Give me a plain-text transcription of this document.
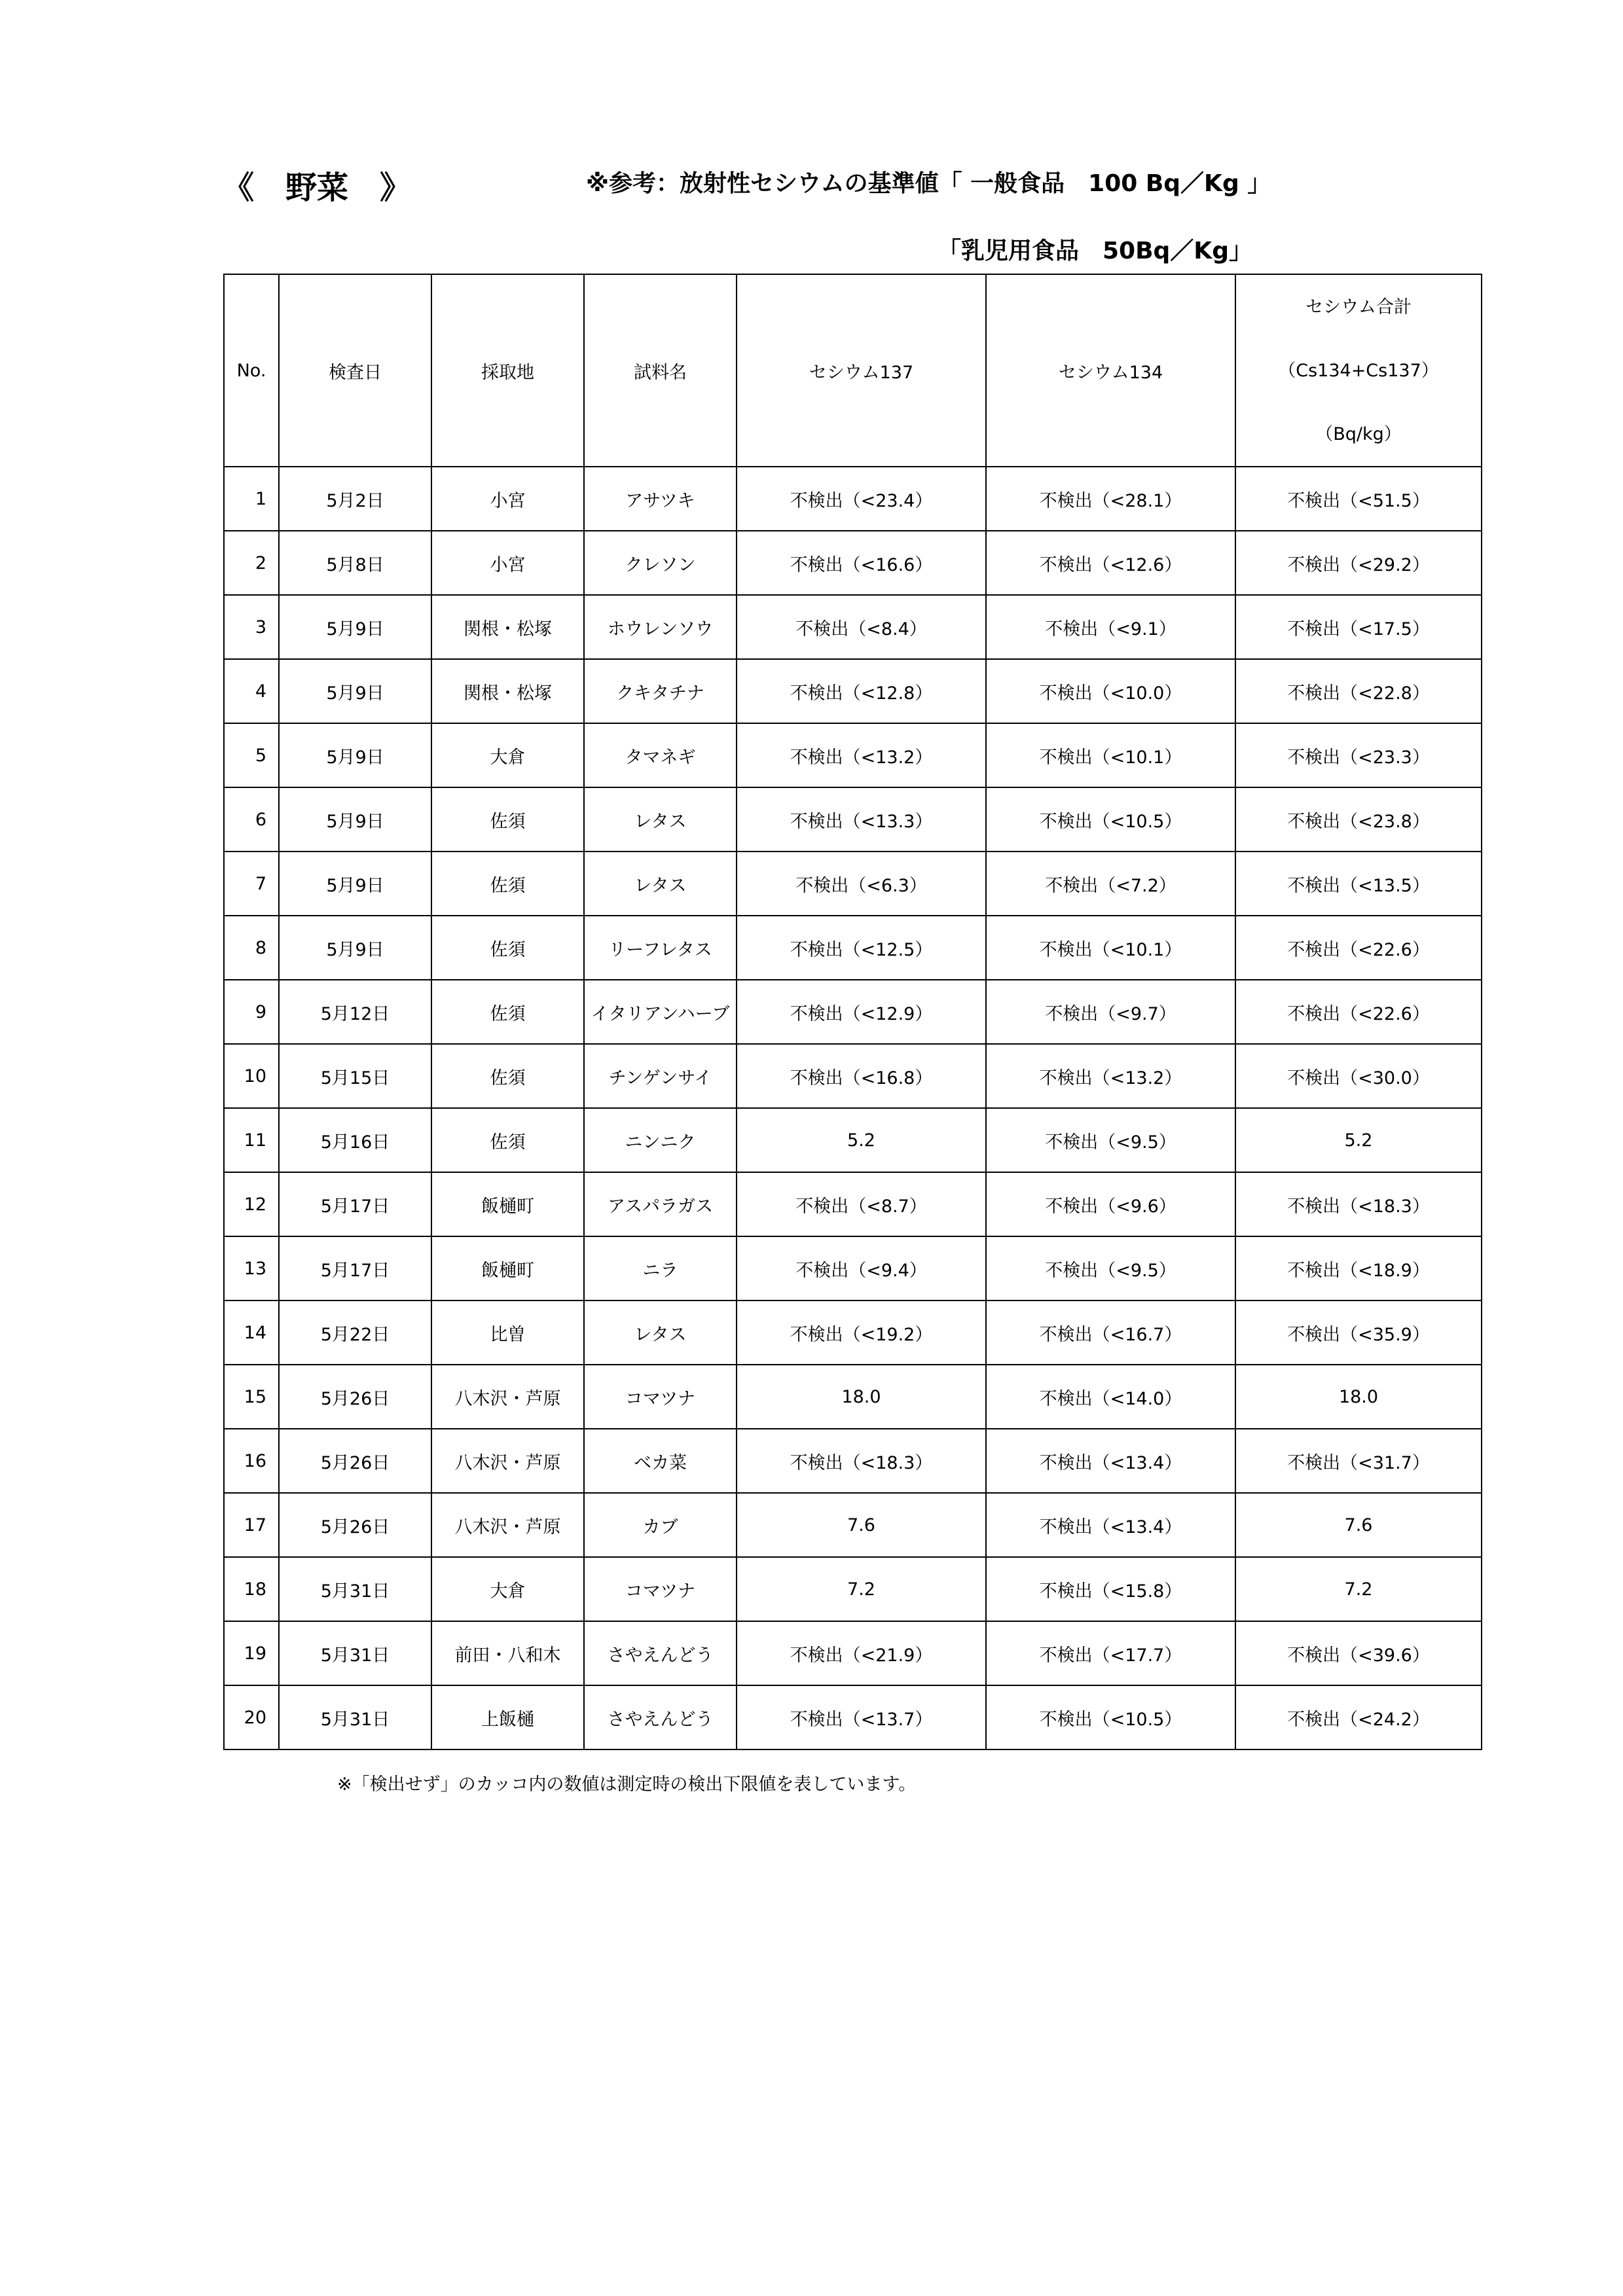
《　野菜　》	※参考：放射性セシウムの基準値「 一般食品　100 Bq／Kg 」
「乳児用食品　50Bq／Kg」
No.	検査日	採取地	試料名	セシウム137	セシウム134	セシウム合計
（Cs134+Cs137）
（Bq/kg）

1	5月2日	小宮	アサツキ	不検出（<23.4）	不検出（<28.1）	不検出（<51.5）
2	5月8日	小宮	クレソン	不検出（<16.6）	不検出（<12.6）	不検出（<29.2）
3	5月9日	関根・松塚	ホウレンソウ	不検出（<8.4）	不検出（<9.1）	不検出（<17.5）
4	5月9日	関根・松塚	クキタチナ	不検出（<12.8）	不検出（<10.0）	不検出（<22.8）
5	5月9日	大倉	タマネギ	不検出（<13.2）	不検出（<10.1）	不検出（<23.3）
6	5月9日	佐須	レタス	不検出（<13.3）	不検出（<10.5）	不検出（<23.8）
7	5月9日	佐須	レタス	不検出（<6.3）	不検出（<7.2）	不検出（<13.5）
8	5月9日	佐須	リーフレタス	不検出（<12.5）	不検出（<10.1）	不検出（<22.6）
9	5月12日	佐須	イタリアンハーブ	不検出（<12.9）	不検出（<9.7）	不検出（<22.6）
10	5月15日	佐須	チンゲンサイ	不検出（<16.8）	不検出（<13.2）	不検出（<30.0）
11	5月16日	佐須	ニンニク	5.2	不検出（<9.5）	5.2
12	5月17日	飯樋町	アスパラガス	不検出（<8.7）	不検出（<9.6）	不検出（<18.3）
13	5月17日	飯樋町	ニラ	不検出（<9.4）	不検出（<9.5）	不検出（<18.9）
14	5月22日	比曽	レタス	不検出（<19.2）	不検出（<16.7）	不検出（<35.9）
15	5月26日	八木沢・芦原	コマツナ	18.0	不検出（<14.0）	18.0
16	5月26日	八木沢・芦原	ベカ菜	不検出（<18.3）	不検出（<13.4）	不検出（<31.7）
17	5月26日	八木沢・芦原	カブ	7.6	不検出（<13.4）	7.6
18	5月31日	大倉	コマツナ	7.2	不検出（<15.8）	7.2
19	5月31日	前田・八和木	さやえんどう	不検出（<21.9）	不検出（<17.7）	不検出（<39.6）
20	5月31日	上飯樋	さやえんどう	不検出（<13.7）	不検出（<10.5）	不検出（<24.2）
※「検出せず」のカッコ内の数値は測定時の検出下限値を表しています。
